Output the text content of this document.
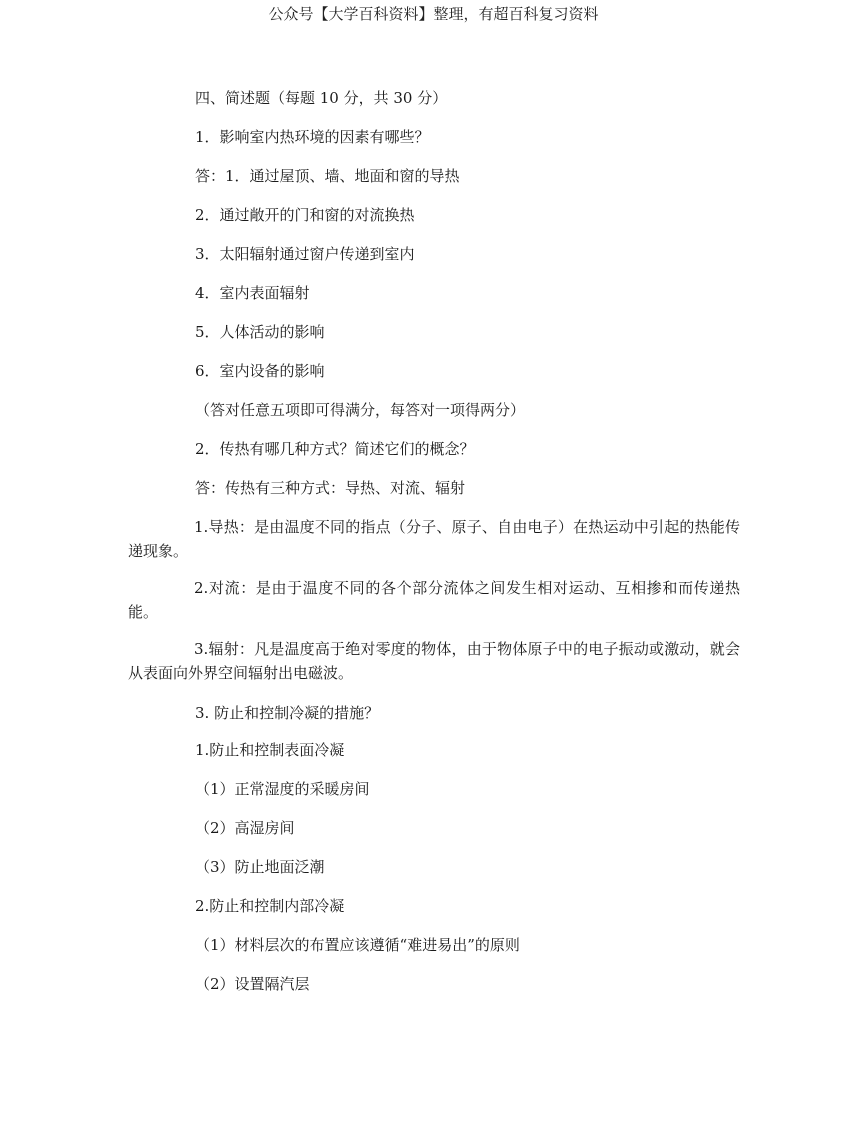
公众号【大学百科资料】整理，有超百科复习资料
四、简述题（每题 10 分，共 30 分）
1．影响室内热环境的因素有哪些？
答：1．通过屋顶、墙、地面和窗的导热
2．通过敞开的门和窗的对流换热
3．太阳辐射通过窗户传递到室内
4．室内表面辐射
5．人体活动的影响
6．室内设备的影响
（答对任意五项即可得满分，每答对一项得两分）
2．传热有哪几种方式？简述它们的概念？
答：传热有三种方式：导热、对流、辐射
1.导热：是由温度不同的指点（分子、原子、自由电子）在热运动中引起的热能传递现象。
2.对流：是由于温度不同的各个部分流体之间发生相对运动、互相掺和而传递热能。
3.辐射：凡是温度高于绝对零度的物体，由于物体原子中的电子振动或激动，就会从表面向外界空间辐射出电磁波。
3. 防止和控制冷凝的措施？
1.防止和控制表面冷凝
（1）正常湿度的采暖房间
（2）高湿房间
（3）防止地面泛潮
2.防止和控制内部冷凝
（1）材料层次的布置应该遵循“难进易出”的原则
（2）设置隔汽层
